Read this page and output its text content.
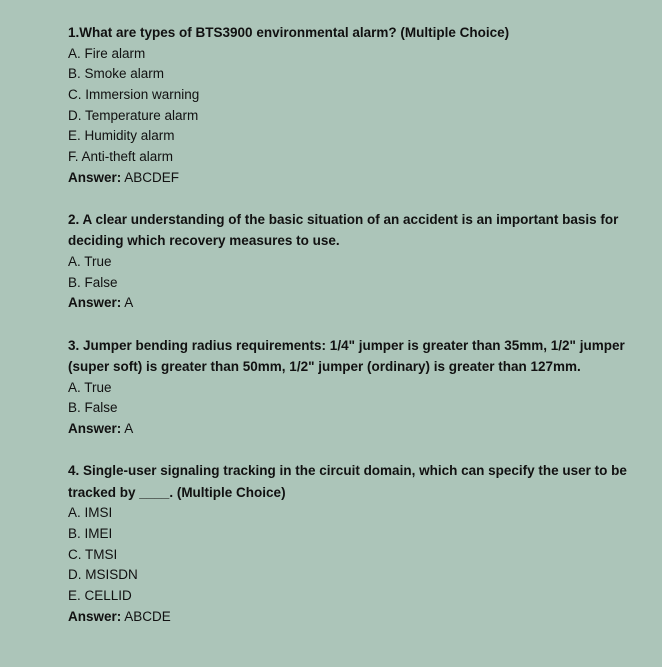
1.What are types of BTS3900 environmental alarm? (Multiple Choice)

A. Fire alarm

B. Smoke alarm

C. Immersion warning

D. Temperature alarm

E. Humidity alarm

F. Anti-theft alarm

Answer: ABCDEF

2. A clear understanding of the basic situation of an accident is an important basis for deciding which recovery measures to use.

A. True

B. False

Answer: A

3. Jumper bending radius requirements: 1/4" jumper is greater than 35mm, 1/2" jumper (super soft) is greater than 50mm, 1/2" jumper (ordinary) is greater than 127mm.

A. True

B. False

Answer: A

4. Single-user signaling tracking in the circuit domain, which can specify the user to be tracked by ____. (Multiple Choice)

A. IMSI

B. IMEI

C. TMSI

D. MSISDN

E. CELLID

Answer: ABCDE
